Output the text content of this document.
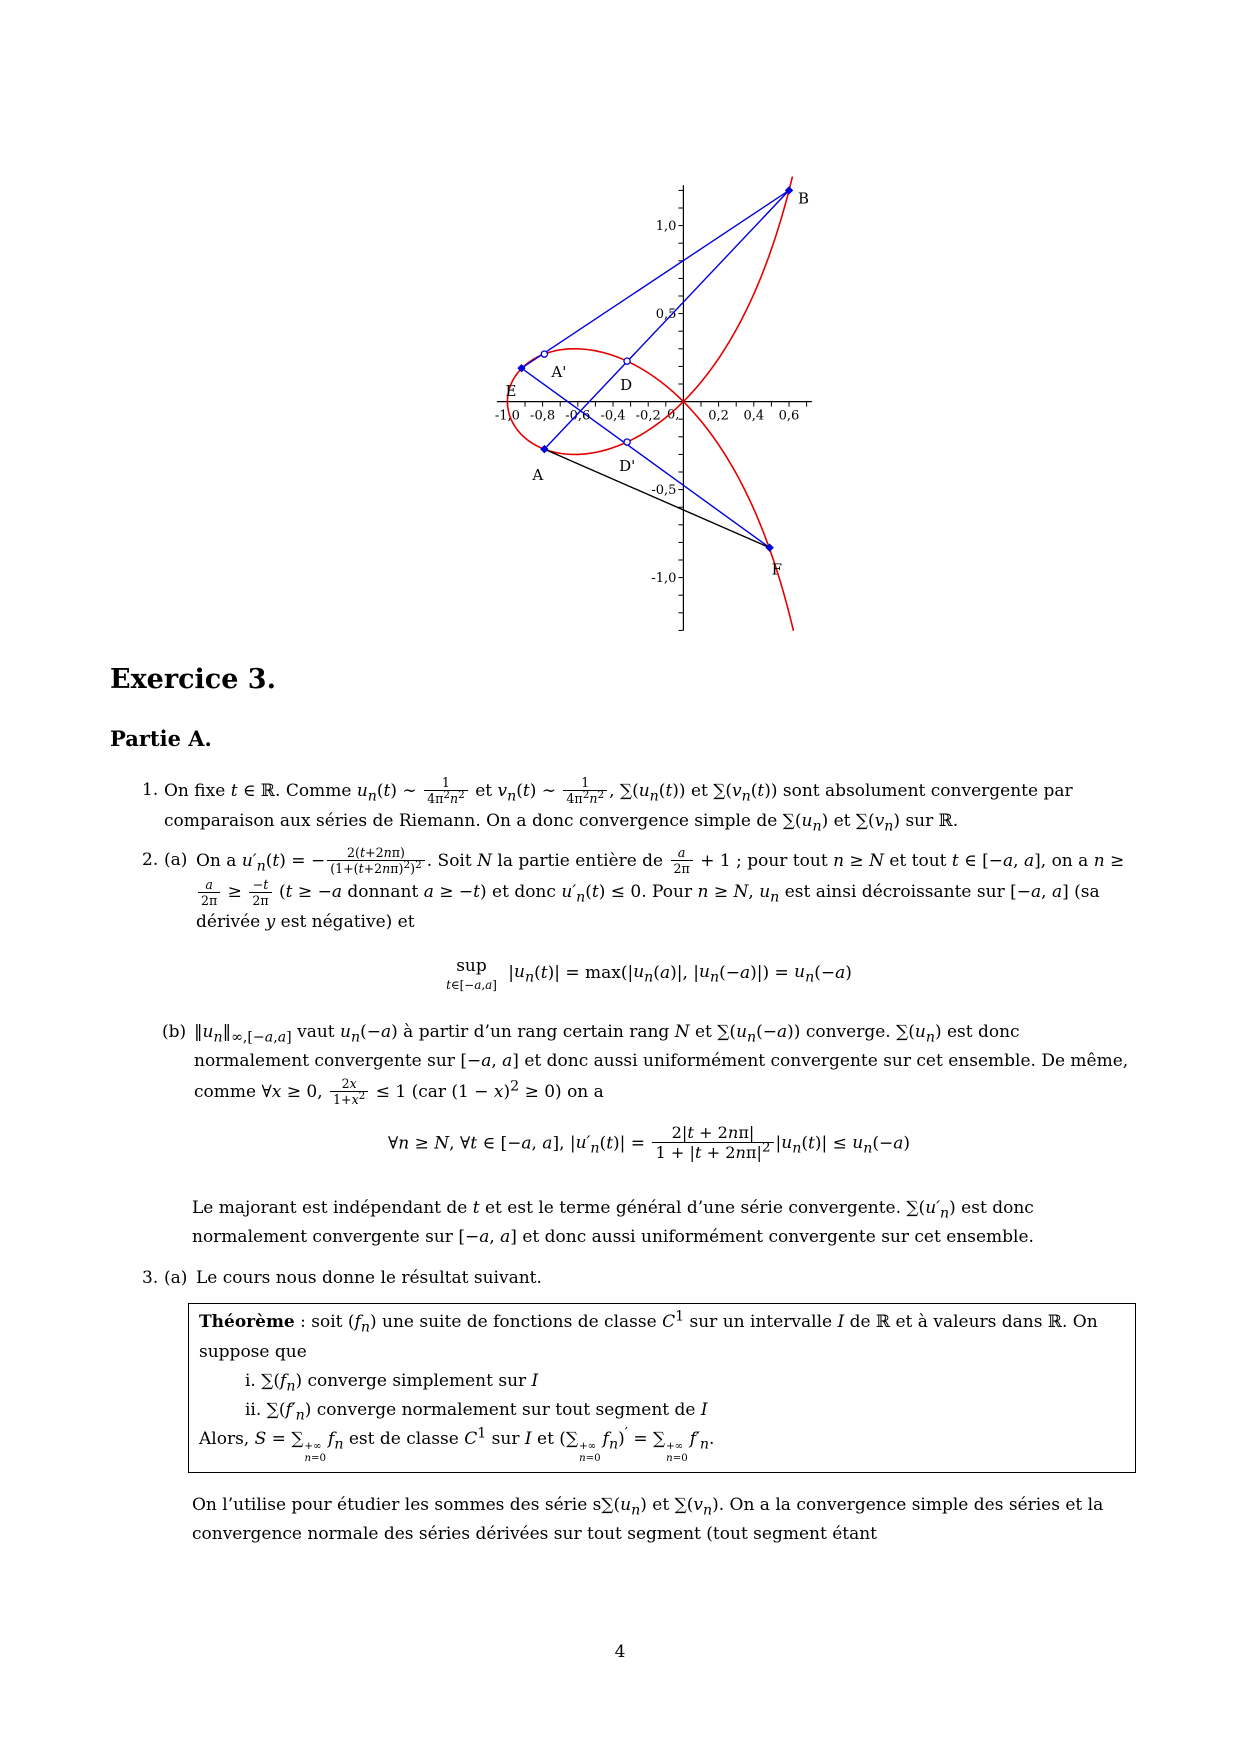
-1,0 -0,8 -0,6 -0,4 -0,2	0,2 0,4 0,6
1,0
0,5
-0,5
-1,0
0,
B
A'
E	D
A
D'
F
Exercice 3.
Partie A.
1. On fixe t ∈ ℝ. Comme $u_n(t)$ ∼ $\frac{1}{4\pi^2n^2}$ et $v_n(t)$ ∼ $\frac{1}{4\pi^2n^2}$ , $\sum(u_n(t))$ et $\sum(v_n(t))$ sont absolument convergente par comparaison aux séries de Riemann. On a donc convergence simple de $\sum(u_n)$ et $\sum(v_n)$ sur ℝ.
2. (a) On a $u'_n(t)$ = − $\frac{2(t+2n\pi)}{(1+(t+2n\pi)^2)^2}$ . Soit N la partie entière de $\frac{a}{2\pi} + 1$ ; pour tout n ≥ N et tout t ∈ [−a, a], on a n ≥
$\frac{a}{2\pi} \ge \frac{-t}{2\pi} (t \ge -a$ donnant a ≥ −t) et donc $u'_n(t) \le 0$. Pour n ≥ N, $u_n$ est ainsi décroissante sur [−a, a] (sa dérivée y est négative) et
sup
t∈[−a,a]
$|u_n(t)| = \max(|u_n(a)|$, $|u_n(-a)|) = u_n(-a)$
(b) $‖u_n‖_{\infty,[-a,a]}$ vaut $u_n(-a)$ à partir d’un rang certain rang N et $\sum(u_n(-a))$ converge. $\sum(u_n)$ est donc normalement convergente sur [−a, a] et donc aussi uniformément convergente sur cet ensemble. De même, comme ∀x ≥ 0, $\frac{2x}{1+x^2} \le 1$ (car $(1 - x)^2 \ge 0$) on a
∀n ≥ N, ∀t ∈ [−a, a], $|u'_n(t)| = \frac{2|t + 2n\pi|}{1 + |t + 2n\pi|^2} |u_n(t)| \le u_n(-a)$
Le majorant est indépendant de t et est le terme général d’une série convergente. $\sum(u'_n)$ est donc normalement convergente sur [−a, a] et donc aussi uniformément convergente sur cet ensemble.
3. (a) Le cours nous donne le résultat suivant.
Théorème : soit $(f_n)$ une suite de fonctions de classe $C^1$ sur un intervalle I de ℝ et à valeurs dans ℝ. On suppose que
i. $\sum(f_n)$ converge simplement sur I
ii. $\sum(f'_n)$ converge normalement sur tout segment de I
Alors, S = ∑ +∞
n=0
$f_n$ est de classe $C^1$ sur I et (∑ +∞
n=0
$f_n)'$ = ∑ +∞
n=0
$f'_n$.
On l’utilise pour étudier les sommes des série $s\sum(u_n)$ et $\sum(v_n)$. On a la convergence simple des séries et la convergence normale des séries dérivées sur tout segment (tout segment étant
4
